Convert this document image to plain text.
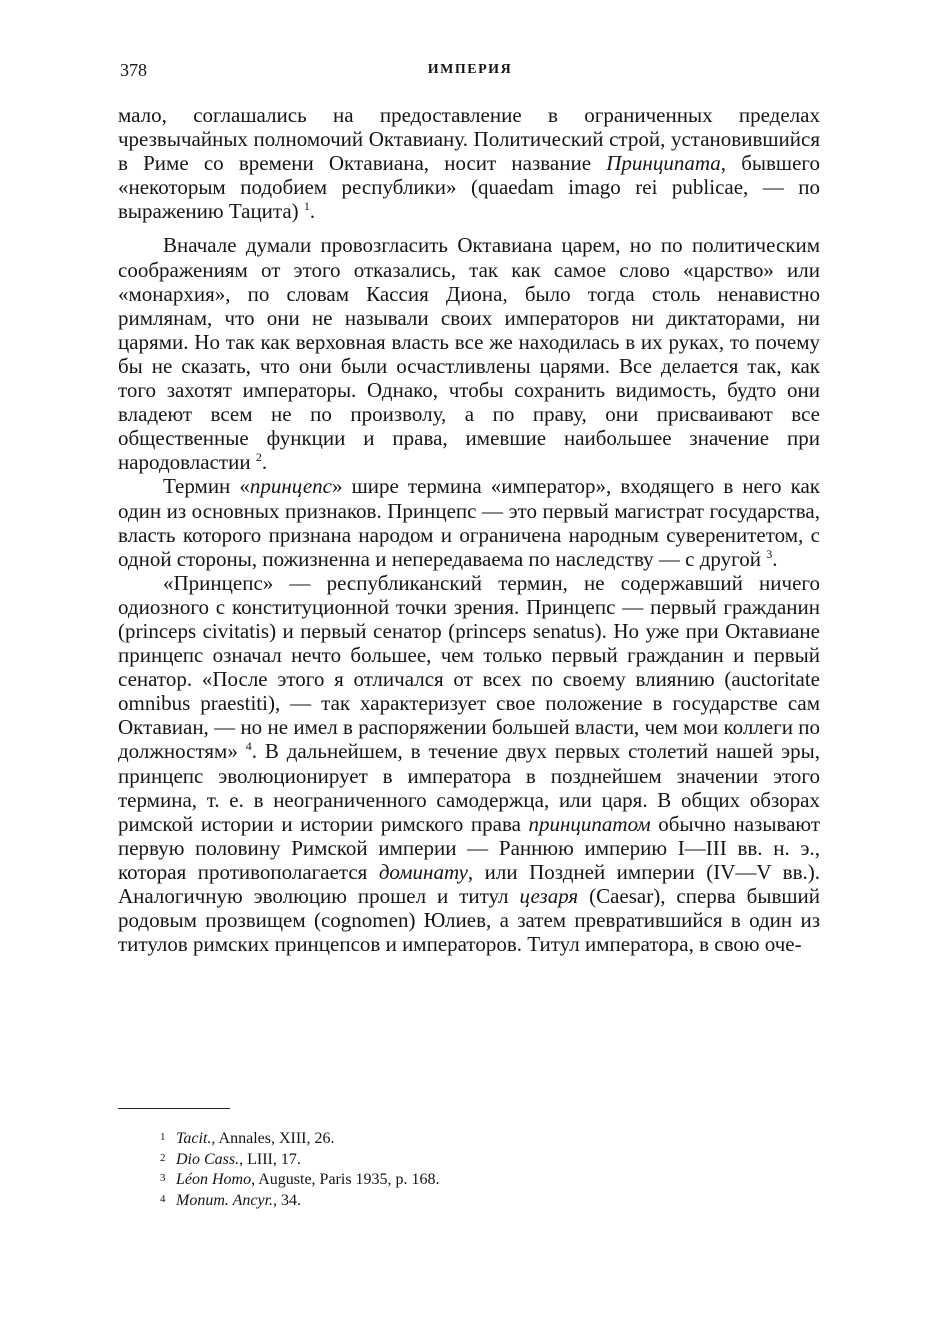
378	ИМПЕРИЯ

мало, соглашались на предоставление в ограниченных пределах чрезвычайных полномочий Октавиану. Политический строй, установившийся в Риме со времени Октавиана, носит название Принципата, бывшего «некоторым подобием республики» (quaedam imago rei publicae, — по выражению Тацита) $^1$.

Вначале думали провозгласить Октавиана царем, но по политическим соображениям от этого отказались, так как самое слово «царство» или «монархия», по словам Кассия Диона, было тогда столь ненавистно римлянам, что они не называли своих императоров ни диктаторами, ни царями. Но так как верховная власть все же находилась в их руках, то почему бы не сказать, что они были осчастливлены царями. Все делается так, как того захотят императоры. Однако, чтобы сохранить видимость, будто они владеют всем не по произволу, а по праву, они присваивают все общественные функции и права, имевшие наибольшее значение при народовластии $^2$.

Термин «принцепс» шире термина «император», входящего в него как один из основных признаков. Принцепс — это первый магистрат государства, власть которого признана народом и ограничена народным суверенитетом, с одной стороны, пожизненна и непередаваема по наследству — с другой $^3$.

«Принцепс» — республиканский термин, не содержавший ничего одиозного с конституционной точки зрения. Принцепс — первый гражданин (princeps civitatis) и первый сенатор (princeps senatus). Но уже при Октавиане принцепс означал нечто большее, чем только первый гражданин и первый сенатор. «После этого я отличался от всех по своему влиянию (auctoritate omnibus praestiti), — так характеризует свое положение в государстве сам Октавиан, — но не имел в распоряжении большей власти, чем мои коллеги по должностям» $^4$. В дальнейшем, в течение двух первых столетий нашей эры, принцепс эволюционирует в императора в позднейшем значении этого термина, т. е. в неограниченного самодержца, или царя. В общих обзорах римской истории и истории римского права принципатом обычно называют первую половину Римской империи — Раннюю империю I—III вв. н. э., которая противополагается доминату, или Поздней империи (IV—V вв.). Аналогичную эволюцию прошел и титул цезаря (Caesar), сперва бывший родовым прозвищем (cognomen) Юлиев, а затем превратившийся в один из титулов римских принцепсов и императоров. Титул императора, в свою оче-

1 Tacit., Annales, XIII, 26.

2 Dio Cass., LIII, 17.

3 Léon Homo, Auguste, Paris 1935, p. 168.

4 Monum. Ancyr., 34.
